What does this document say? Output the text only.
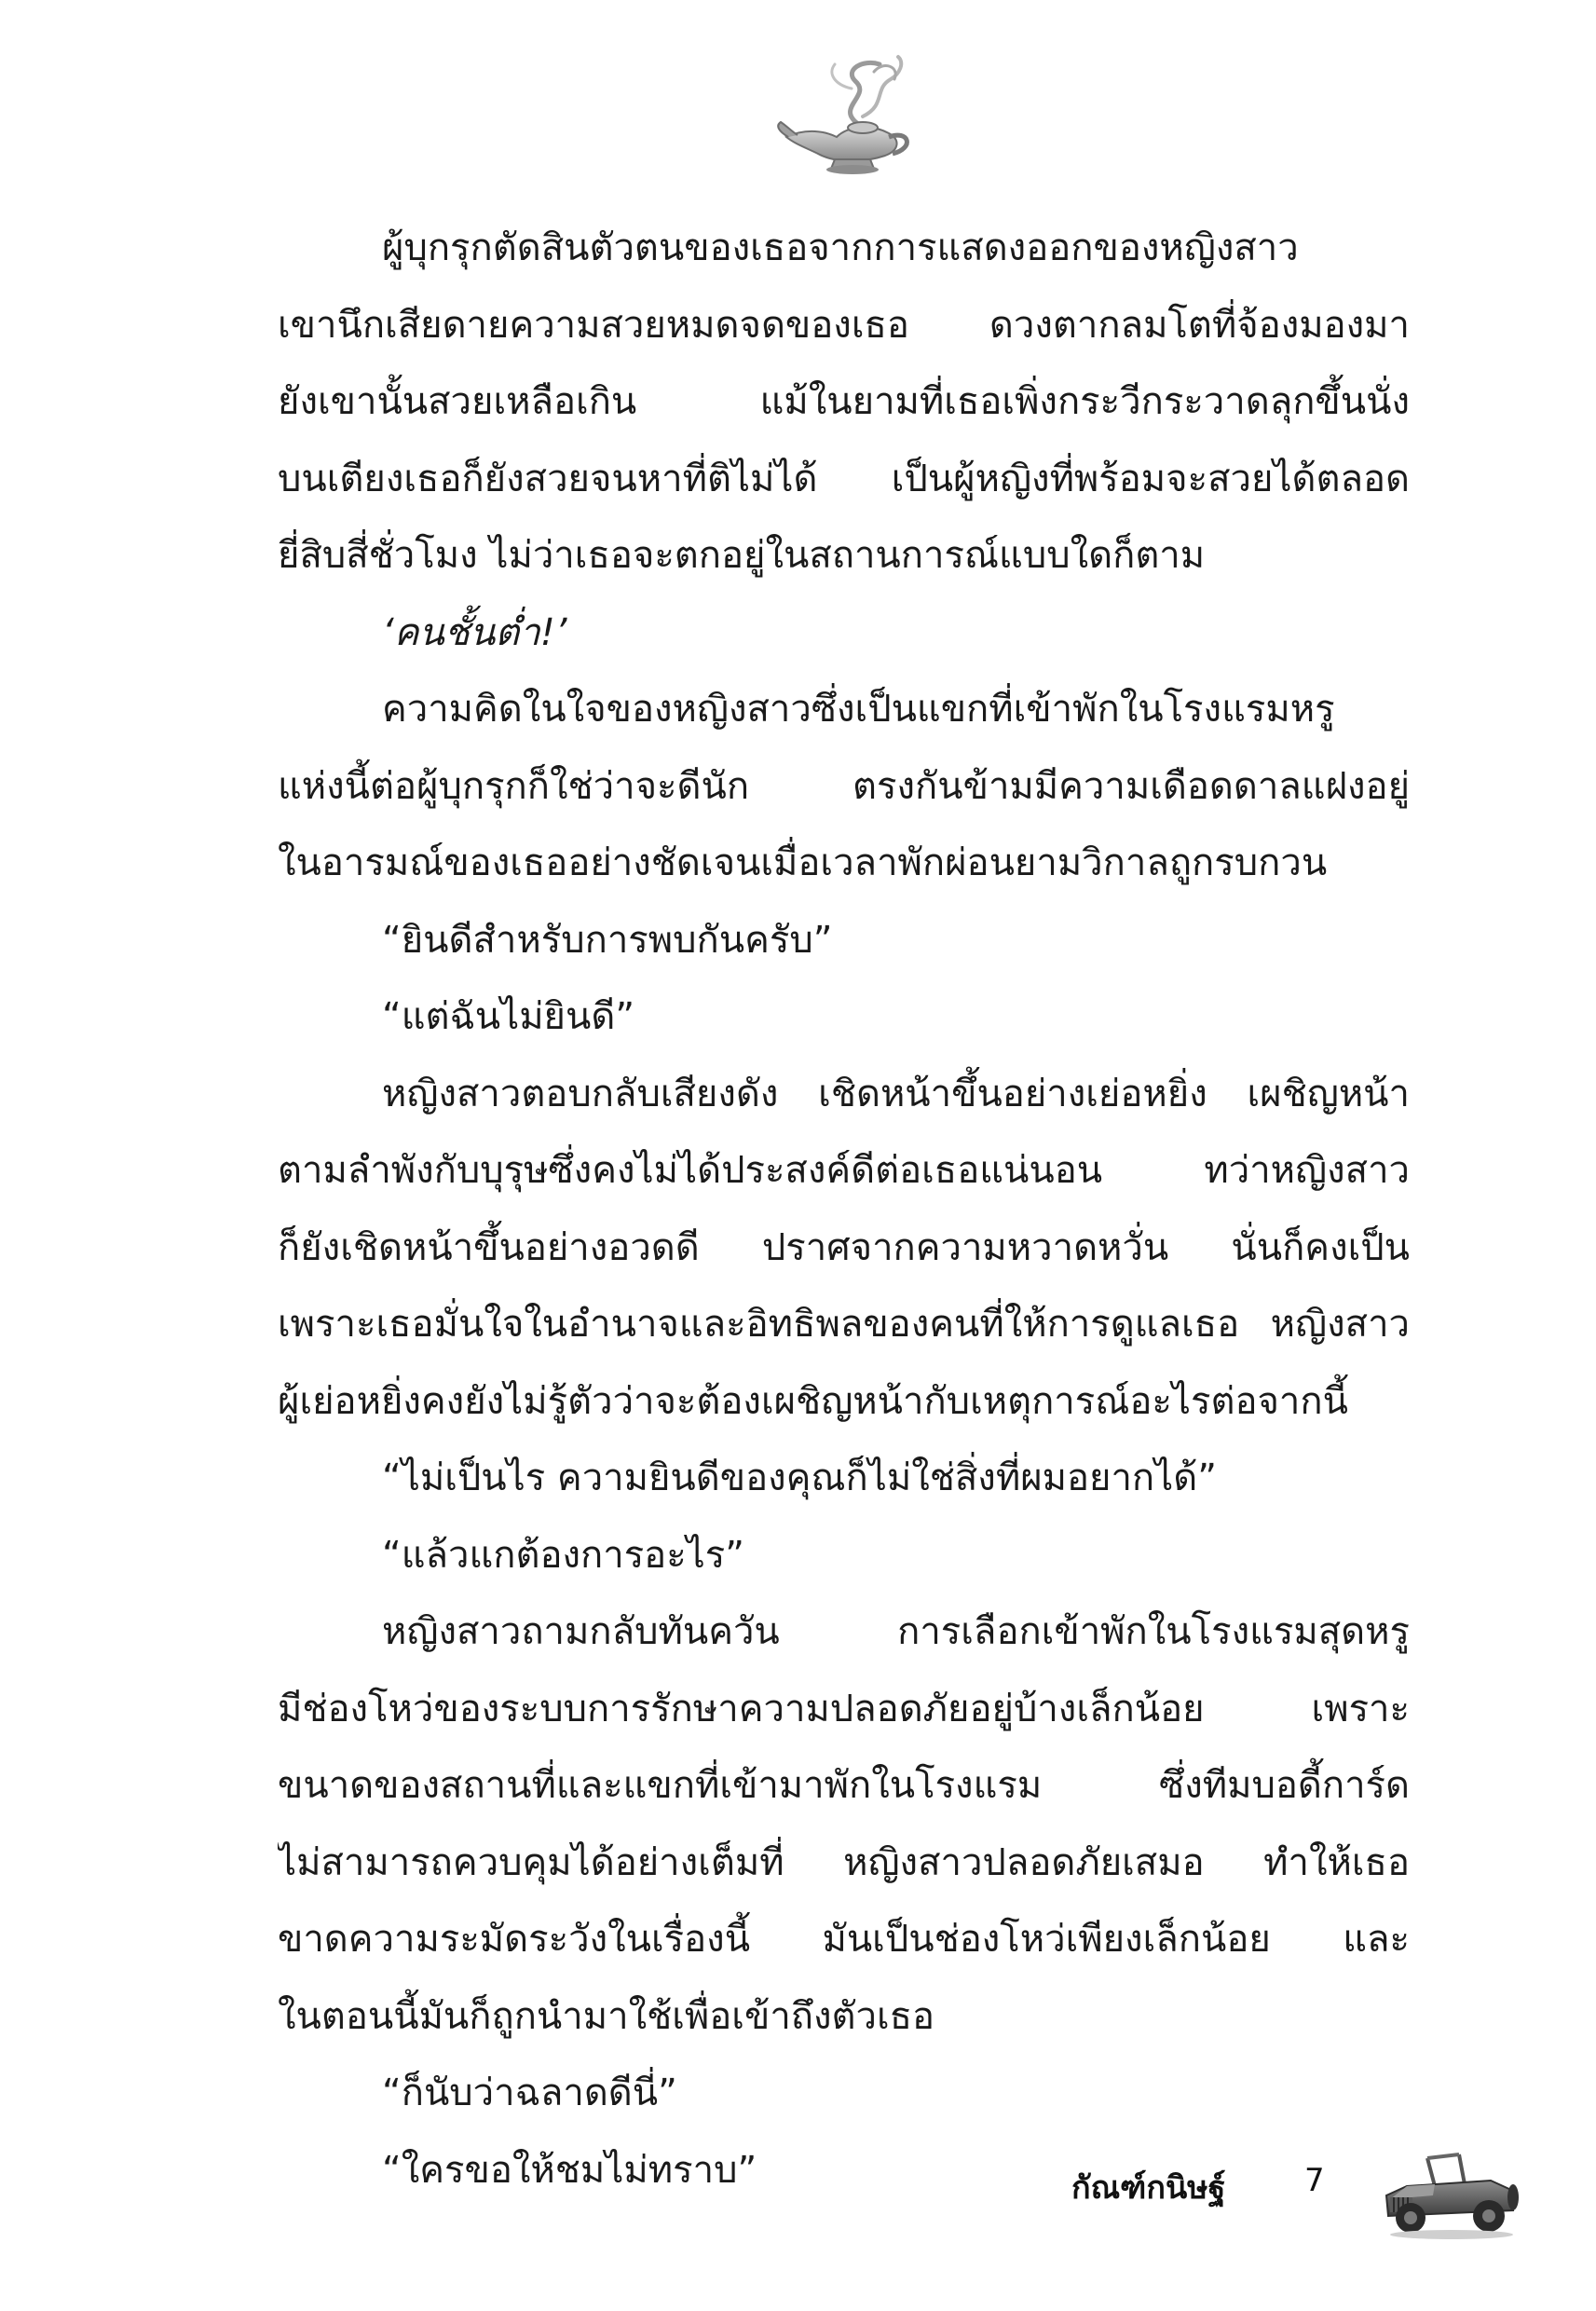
ผู้บุกรุกตัดสินตัวตนของเธอจากการแสดงออกของหญิงสาว
เขานึกเสียดายความสวยหมดจดของเธอ ดวงตากลมโตที่จ้องมองมา
ยังเขานั้นสวยเหลือเกิน แม้ในยามที่เธอเพิ่งกระวีกระวาดลุกขึ้นนั่ง
บนเตียงเธอก็ยังสวยจนหาที่ติไม่ได้ เป็นผู้หญิงที่พร้อมจะสวยได้ตลอด
ยี่สิบสี่ชั่วโมง ไม่ว่าเธอจะตกอยู่ในสถานการณ์แบบใดก็ตาม
‘คนชั้นต่ำ!’
ความคิดในใจของหญิงสาวซึ่งเป็นแขกที่เข้าพักในโรงแรมหรู
แห่งนี้ต่อผู้บุกรุกก็ใช่ว่าจะดีนัก ตรงกันข้ามมีความเดือดดาลแฝงอยู่
ในอารมณ์ของเธออย่างชัดเจนเมื่อเวลาพักผ่อนยามวิกาลถูกรบกวน
“ยินดีสำหรับการพบกันครับ”
“แต่ฉันไม่ยินดี”
หญิงสาวตอบกลับเสียงดัง เชิดหน้าขึ้นอย่างเย่อหยิ่ง เผชิญหน้า
ตามลำพังกับบุรุษซึ่งคงไม่ได้ประสงค์ดีต่อเธอแน่นอน ทว่าหญิงสาว
ก็ยังเชิดหน้าขึ้นอย่างอวดดี ปราศจากความหวาดหวั่น นั่นก็คงเป็น
เพราะเธอมั่นใจในอำนาจและอิทธิพลของคนที่ให้การดูแลเธอ หญิงสาว
ผู้เย่อหยิ่งคงยังไม่รู้ตัวว่าจะต้องเผชิญหน้ากับเหตุการณ์อะไรต่อจากนี้
“ไม่เป็นไร ความยินดีของคุณก็ไม่ใช่สิ่งที่ผมอยากได้”
“แล้วแกต้องการอะไร”
หญิงสาวถามกลับทันควัน การเลือกเข้าพักในโรงแรมสุดหรู
มีช่องโหว่ของระบบการรักษาความปลอดภัยอยู่บ้างเล็กน้อย เพราะ
ขนาดของสถานที่และแขกที่เข้ามาพักในโรงแรม ซึ่งทีมบอดี้การ์ด
ไม่สามารถควบคุมได้อย่างเต็มที่ หญิงสาวปลอดภัยเสมอ ทำให้เธอ
ขาดความระมัดระวังในเรื่องนี้ มันเป็นช่องโหว่เพียงเล็กน้อย และ
ในตอนนี้มันก็ถูกนำมาใช้เพื่อเข้าถึงตัวเธอ
“ก็นับว่าฉลาดดีนี่”
“ใครขอให้ชมไม่ทราบ”	กัณฑ์กนิษฐ์ 7
